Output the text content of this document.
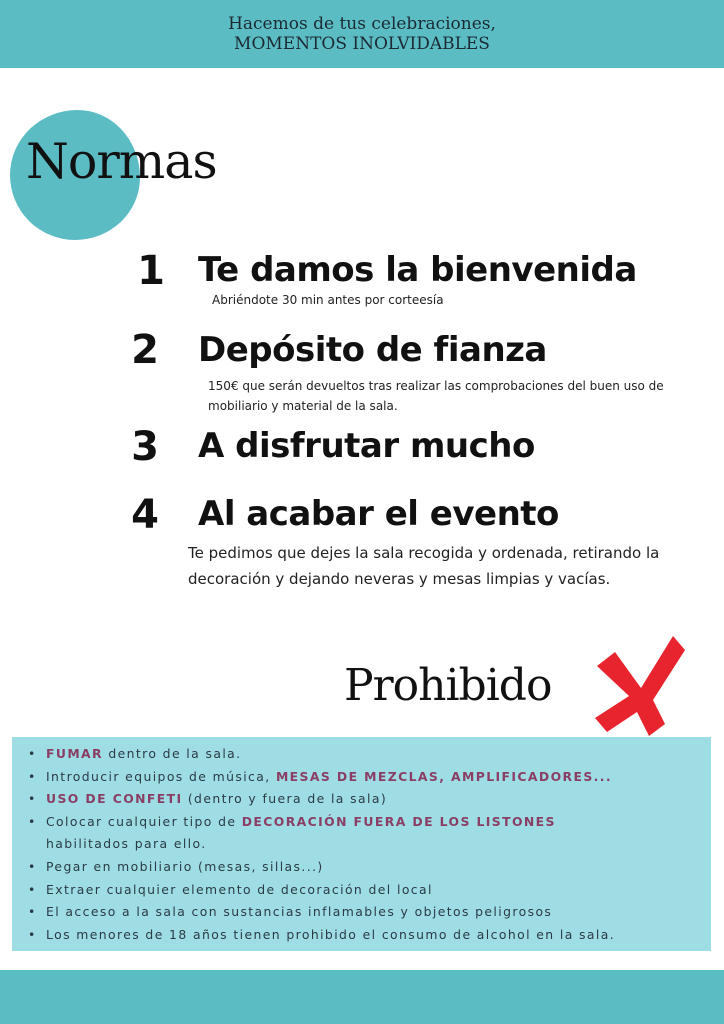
Hacemos de tus celebraciones,
MOMENTOS INOLVIDABLES
Normas
1 Te damos la bienvenida
Abriéndote 30 min antes por corteesía
2	Depósito de fianza
150€ que serán devueltos tras realizar las comprobaciones del buen uso de
mobiliario y material de la sala.
3	A disfrutar mucho
4	Al acabar el evento
Te pedimos que dejes la sala recogida y ordenada, retirando la
decoración y dejando neveras y mesas limpias y vacías.
Prohibido
• FUMAR dentro de la sala.
• Introducir equipos de música, MESAS DE MEZCLAS, AMPLIFICADORES...
• USO DE CONFETI (dentro y fuera de la sala)
• Colocar cualquier tipo de DECORACIÓN FUERA DE LOS LISTONES
habilitados para ello.
• Pegar en mobiliario (mesas, sillas...)
• Extraer cualquier elemento de decoración del local
• El acceso a la sala con sustancias inflamables y objetos peligrosos
• Los menores de 18 años tienen prohibido el consumo de alcohol en la sala.
